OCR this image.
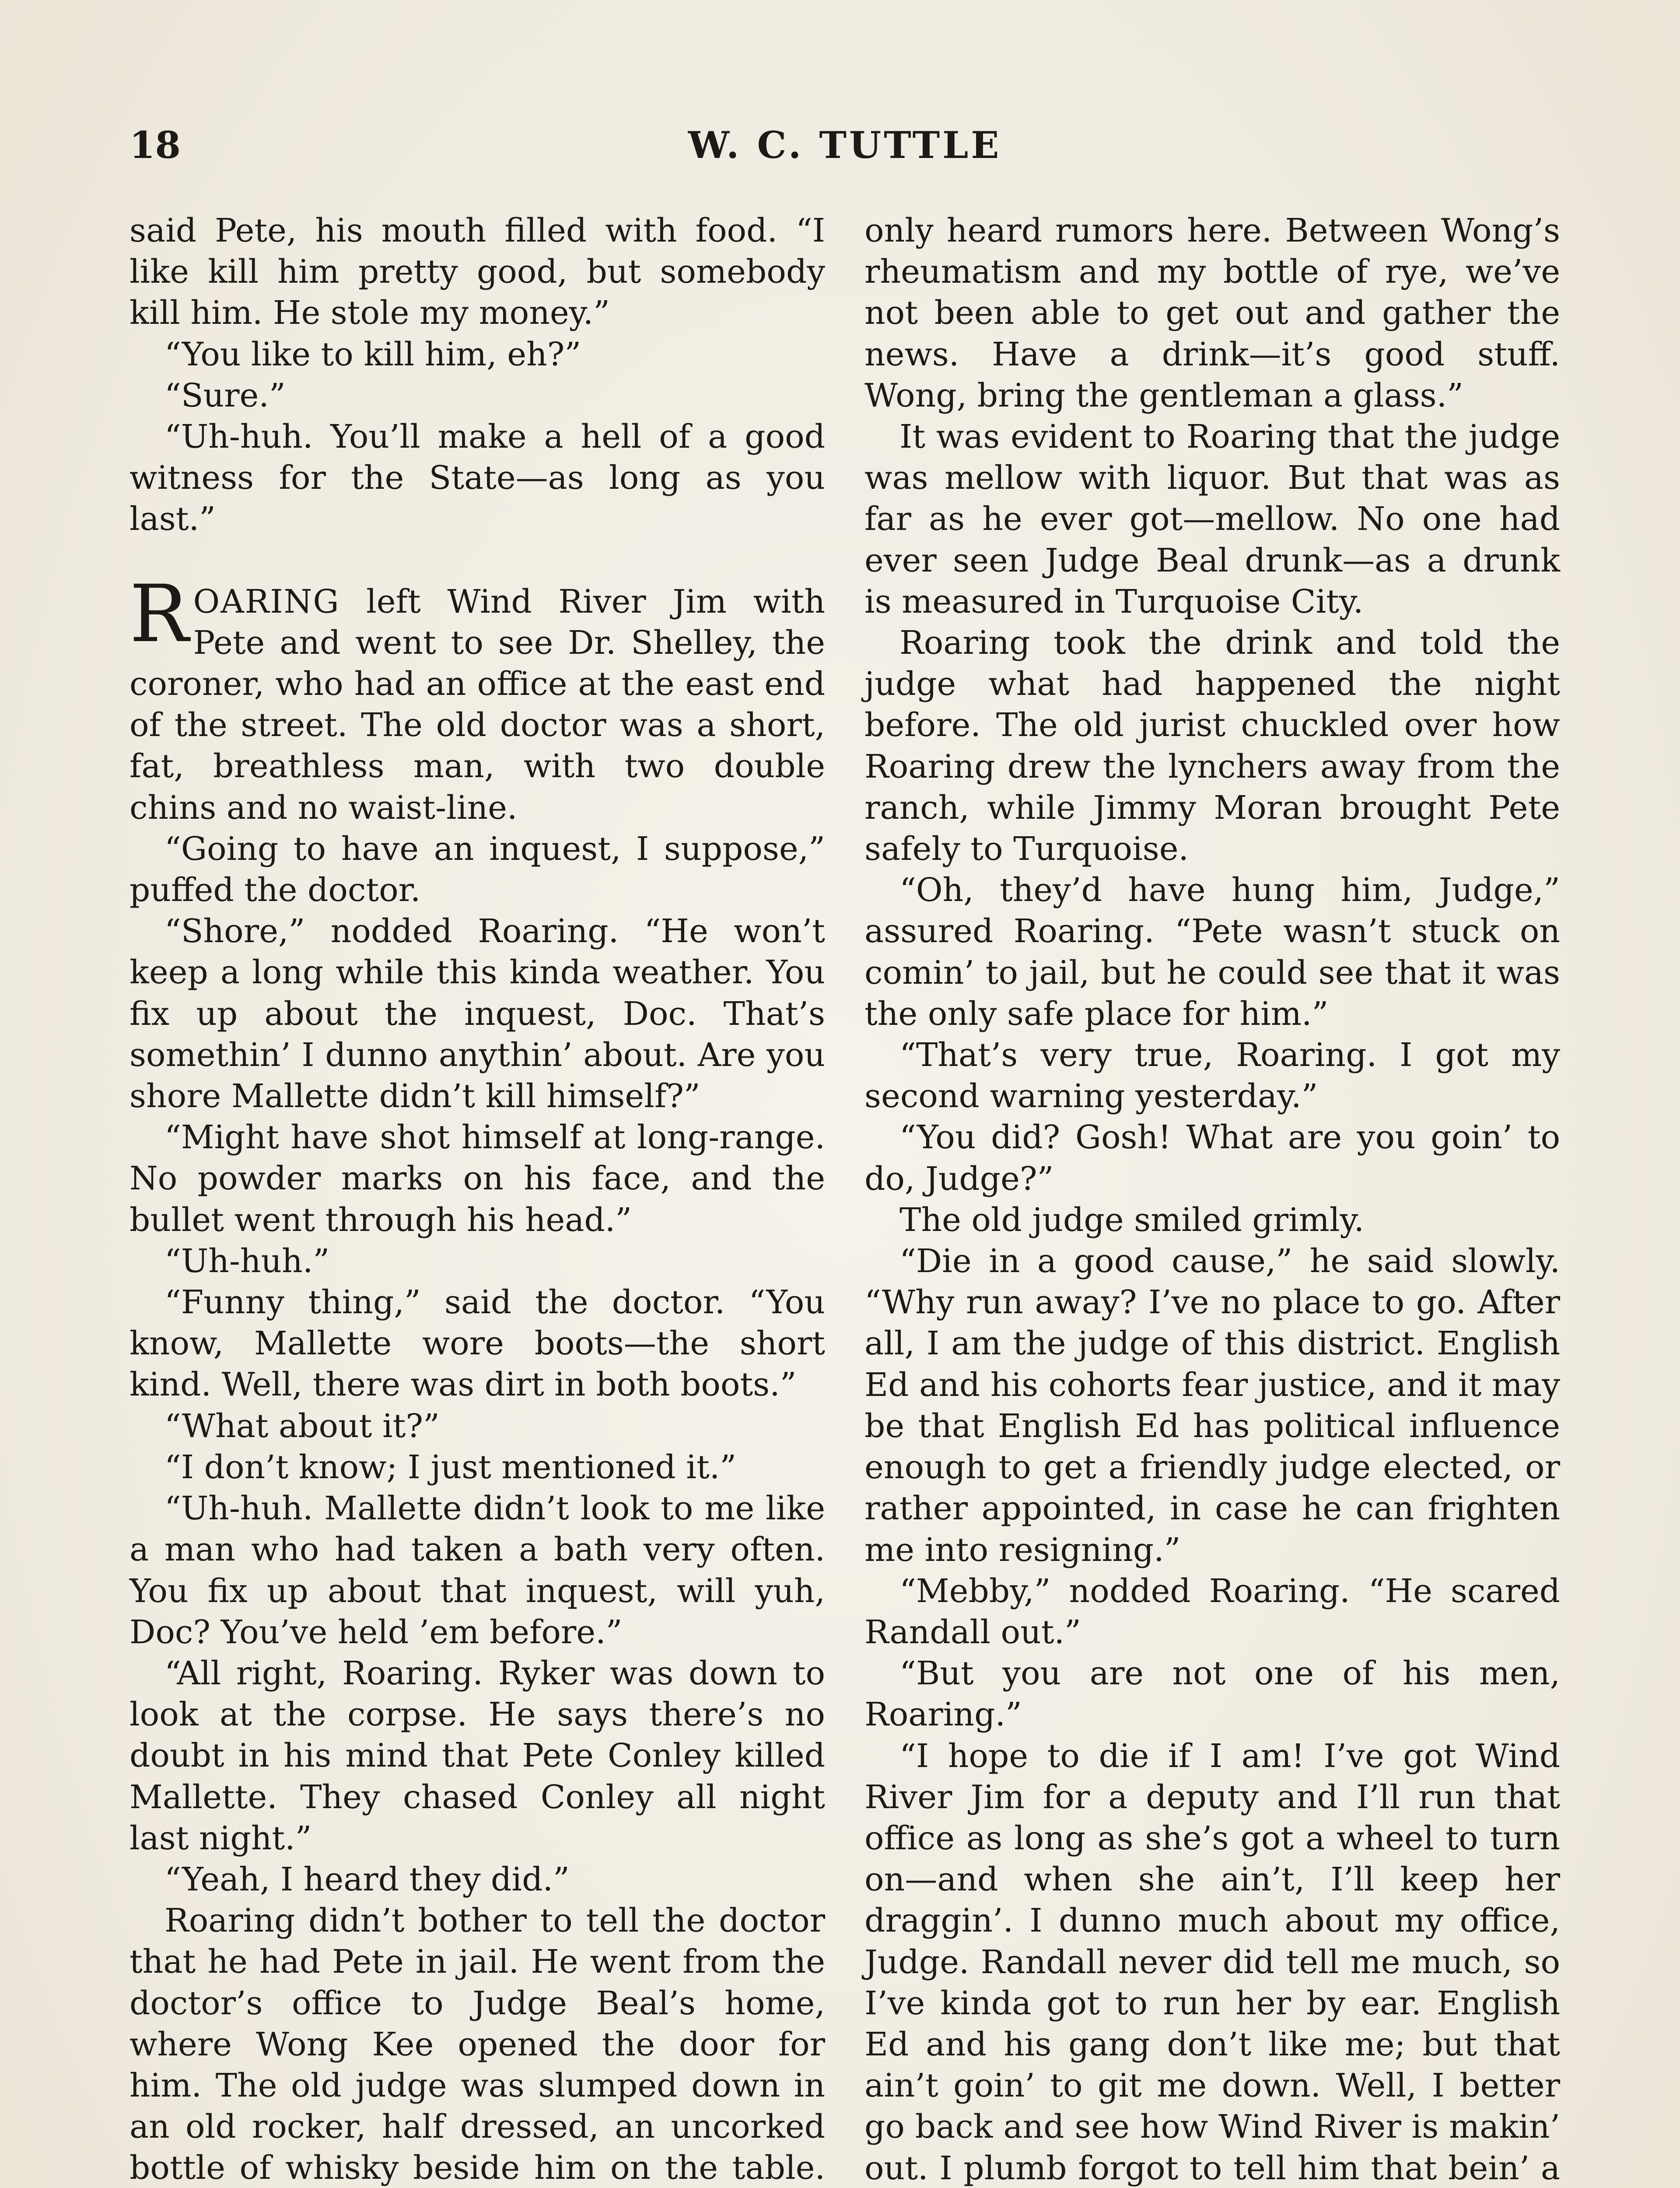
18	W. C. TUTTLE

said Pete, his mouth filled with food. “I like kill him pretty good, but somebody kill him. He stole my money.”

“You like to kill him, eh?”

“Sure.”

“Uh-huh. You’ll make a hell of a good witness for the State—as long as you last.”

ROARING left Wind River Jim with Pete and went to see Dr. Shelley, the coroner, who had an office at the east end of the street. The old doctor was a short, fat, breathless man, with two double chins and no waist-line.

“Going to have an inquest, I suppose,” puffed the doctor.

“Shore,” nodded Roaring. “He won’t keep a long while this kinda weather. You fix up about the inquest, Doc. That’s somethin’ I dunno anythin’ about. Are you shore Mallette didn’t kill himself?”

“Might have shot himself at long-range. No powder marks on his face, and the bullet went through his head.”

“Uh-huh.”

“Funny thing,” said the doctor. “You know, Mallette wore boots—the short kind. Well, there was dirt in both boots.”

“What about it?”

“I don’t know; I just mentioned it.”

“Uh-huh. Mallette didn’t look to me like a man who had taken a bath very often. You fix up about that inquest, will yuh, Doc? You’ve held ’em before.”

“All right, Roaring. Ryker was down to look at the corpse. He says there’s no doubt in his mind that Pete Conley killed Mallette. They chased Conley all night last night.”

“Yeah, I heard they did.”

Roaring didn’t bother to tell the doctor that he had Pete in jail. He went from the doctor’s office to Judge Beal’s home, where Wong Kee opened the door for him. The old judge was slumped down in an old rocker, half dressed, an uncorked bottle of whisky beside him on the table.

only heard rumors here. Between Wong’s rheumatism and my bottle of rye, we’ve not been able to get out and gather the news. Have a drink—it’s good stuff. Wong, bring the gentleman a glass.”

It was evident to Roaring that the judge was mellow with liquor. But that was as far as he ever got—mellow. No one had ever seen Judge Beal drunk—as a drunk is measured in Turquoise City.

Roaring took the drink and told the judge what had happened the night before. The old jurist chuckled over how Roaring drew the lynchers away from the ranch, while Jimmy Moran brought Pete safely to Turquoise.

“Oh, they’d have hung him, Judge,” assured Roaring. “Pete wasn’t stuck on comin’ to jail, but he could see that it was the only safe place for him.”

“That’s very true, Roaring. I got my second warning yesterday.”

“You did? Gosh! What are you goin’ to do, Judge?”

The old judge smiled grimly.

“Die in a good cause,” he said slowly. “Why run away? I’ve no place to go. After all, I am the judge of this district. English Ed and his cohorts fear justice, and it may be that English Ed has political influence enough to get a friendly judge elected, or rather appointed, in case he can frighten me into resigning.”

“Mebby,” nodded Roaring. “He scared Randall out.”

“But you are not one of his men, Roaring.”

“I hope to die if I am! I’ve got Wind River Jim for a deputy and I’ll run that office as long as she’s got a wheel to turn on—and when she ain’t, I’ll keep her draggin’. I dunno much about my office, Judge. Randall never did tell me much, so I’ve kinda got to run her by ear. English Ed and his gang don’t like me; but that ain’t goin’ to git me down. Well, I better go back and see how Wind River is makin’ out. I plumb forgot to tell him that bein’ a
